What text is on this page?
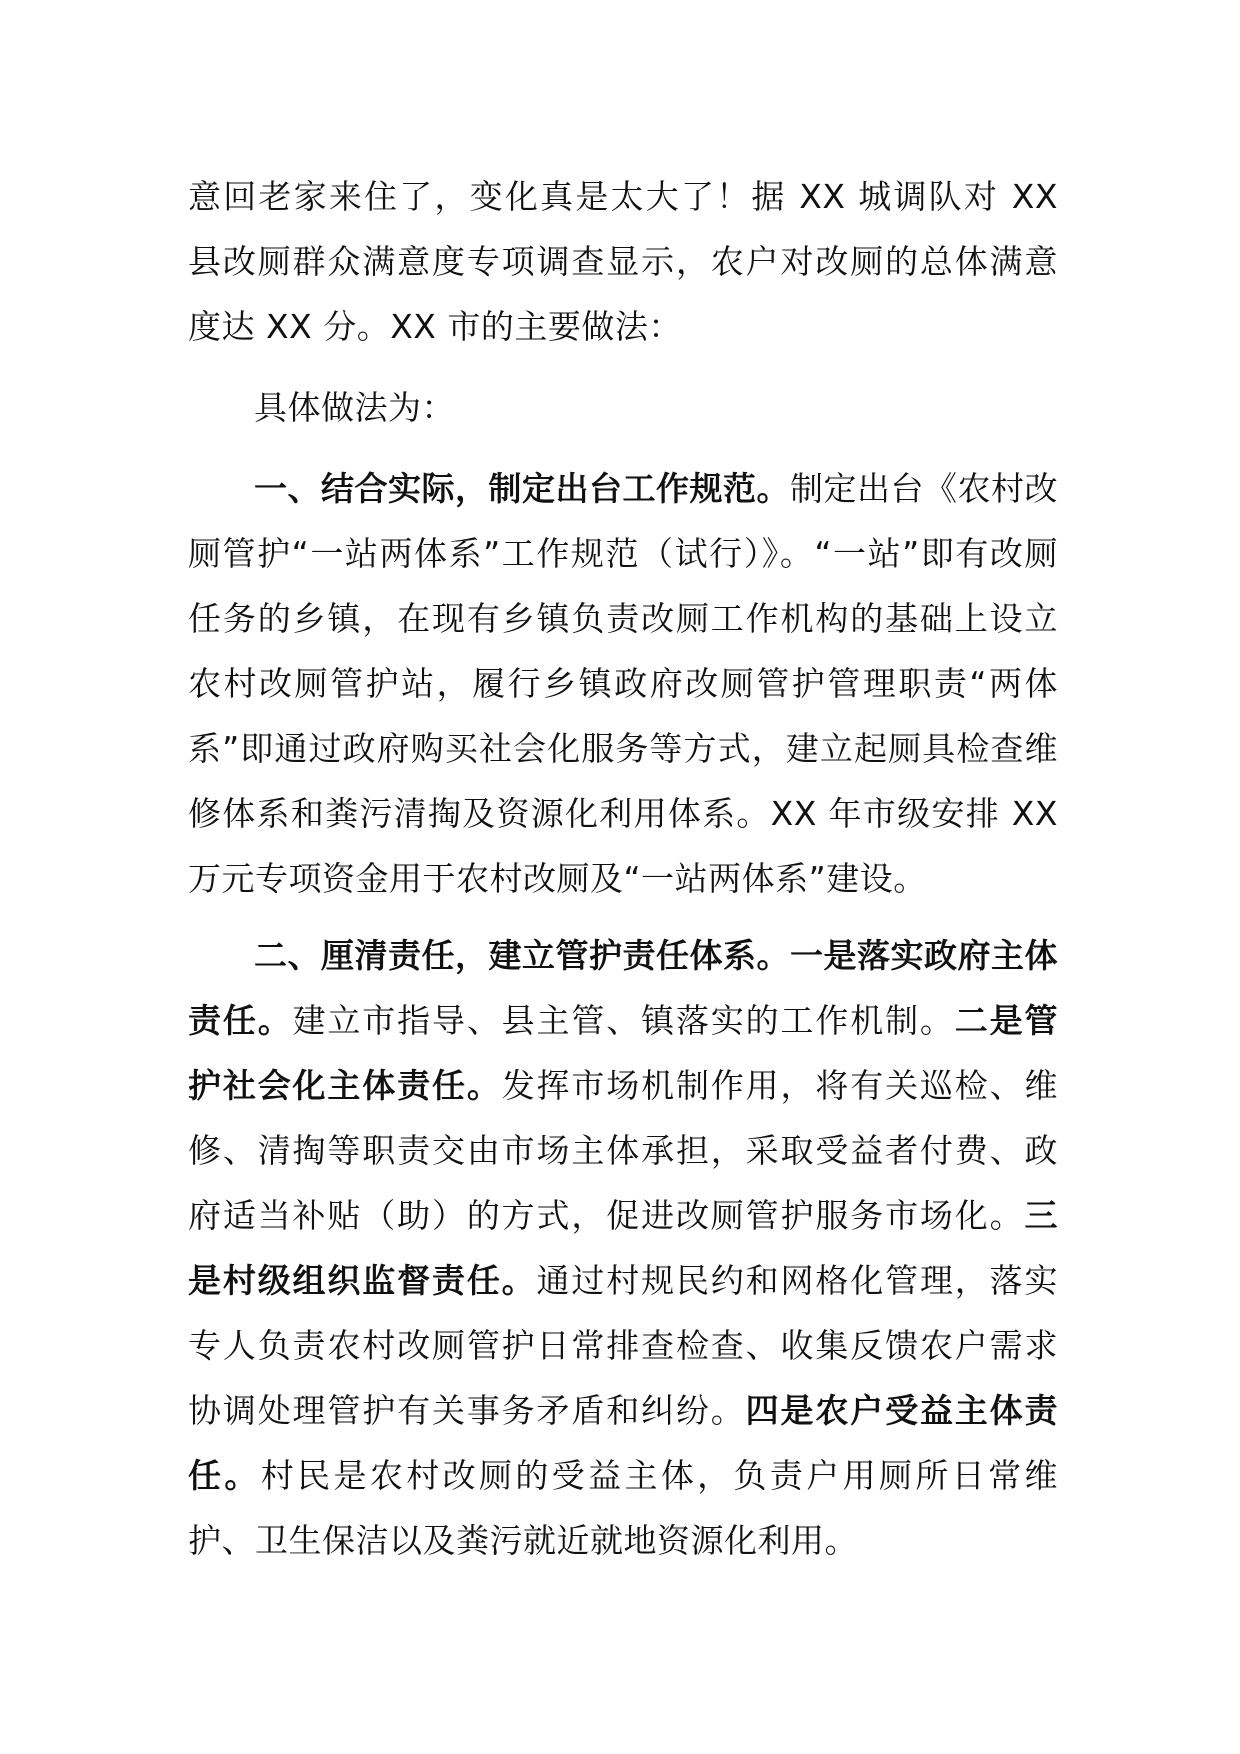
意回老家来住了，变化真是太大了！据 XX 城调队对 XX 县改厕群众满意度专项调查显示，农户对改厕的总体满意度达 XX 分。XX 市的主要做法：

具体做法为：

一、结合实际，制定出台工作规范。制定出台《农村改厕管护“一站两体系”工作规范（试行）》。“一站”即有改厕任务的乡镇，在现有乡镇负责改厕工作机构的基础上设立农村改厕管护站，履行乡镇政府改厕管护管理职责“两体系”即通过政府购买社会化服务等方式，建立起厕具检查维修体系和粪污清掏及资源化利用体系。XX 年市级安排 XX 万元专项资金用于农村改厕及“一站两体系”建设。

二、厘清责任，建立管护责任体系。一是落实政府主体责任。建立市指导、县主管、镇落实的工作机制。二是管护社会化主体责任。发挥市场机制作用，将有关巡检、维修、清掏等职责交由市场主体承担，采取受益者付费、政府适当补贴（助）的方式，促进改厕管护服务市场化。三是村级组织监督责任。通过村规民约和网格化管理，落实专人负责农村改厕管护日常排查检查、收集反馈农户需求协调处理管护有关事务矛盾和纠纷。四是农户受益主体责任。村民是农村改厕的受益主体，负责户用厕所日常维护、卫生保洁以及粪污就近就地资源化利用。
